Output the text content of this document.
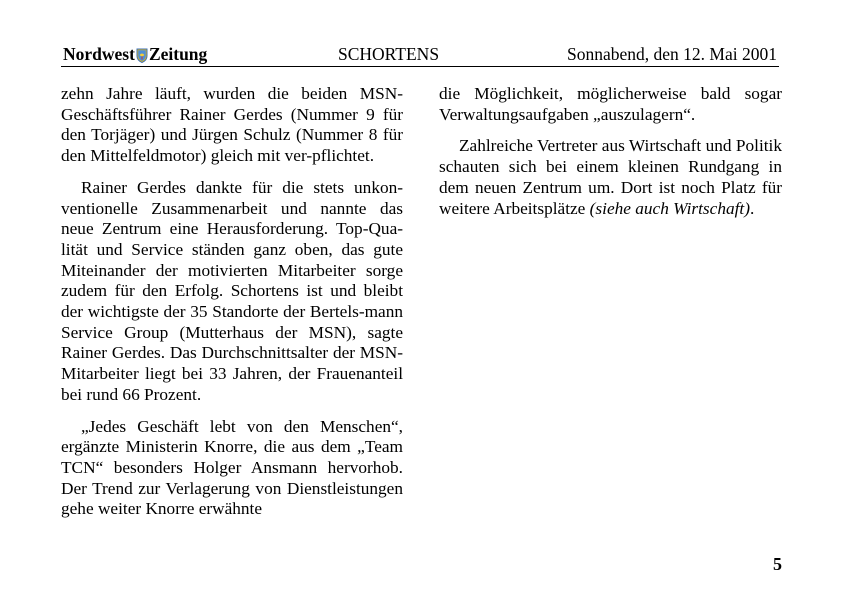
Nordwest Zeitung	SCHORTENS	Sonnabend, den 12. Mai 2001

zehn Jahre läuft, wurden die beiden MSN-Geschäftsführer Rainer Gerdes (Nummer 9 für den Torjäger) und Jürgen Schulz (Nummer 8 für den Mittelfeldmotor) gleich mit ver-pflichtet.

Rainer Gerdes dankte für die stets unkon-ventionelle Zusammenarbeit und nannte das neue Zentrum eine Herausforderung. Top-Qua-lität und Service ständen ganz oben, das gute Miteinander der motivierten Mitarbeiter sorge zudem für den Erfolg. Schortens ist und bleibt der wichtigste der 35 Standorte der Bertels-mann Service Group (Mutterhaus der MSN), sagte Rainer Gerdes. Das Durchschnittsalter der MSN-Mitarbeiter liegt bei 33 Jahren, der Frauenanteil bei rund 66 Prozent.

„Jedes Geschäft lebt von den Menschen“, ergänzte Ministerin Knorre, die aus dem „Team TCN“ besonders Holger Ansmann hervorhob. Der Trend zur Verlagerung von Dienstleistungen gehe weiter Knorre erwähnte

die Möglichkeit, möglicherweise bald sogar Verwaltungsaufgaben „auszulagern“.

Zahlreiche Vertreter aus Wirtschaft und Politik schauten sich bei einem kleinen Rundgang in dem neuen Zentrum um. Dort ist noch Platz für weitere Arbeitsplätze (siehe auch Wirtschaft).

5
